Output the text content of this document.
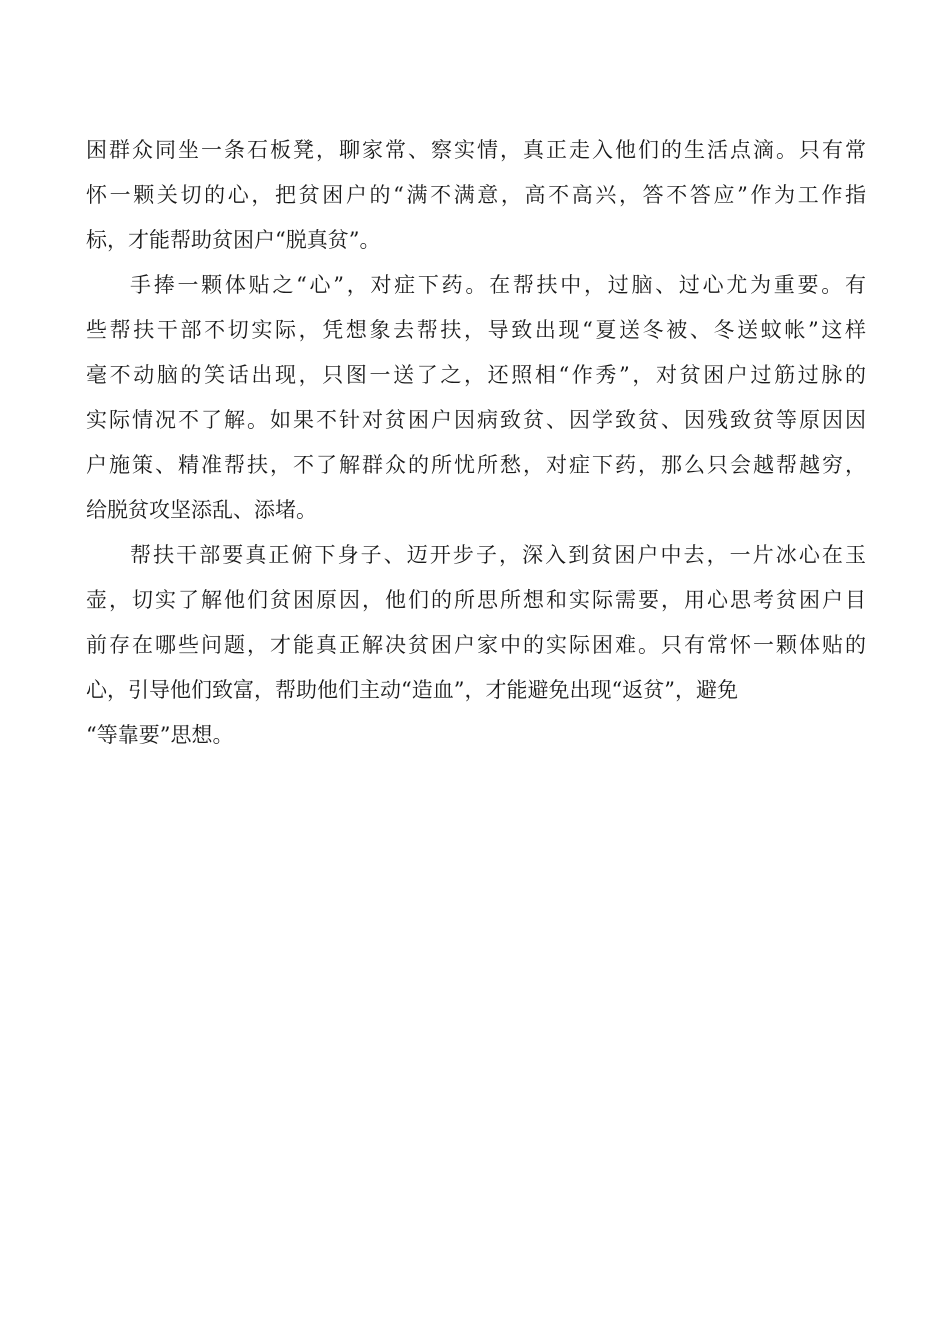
困群众同坐一条石板凳，聊家常、察实情，真正走入他们的生活点滴。只有常
怀一颗关切的心，把贫困户的“满不满意，高不高兴，答不答应”作为工作指
标，才能帮助贫困户“脱真贫”。
手捧一颗体贴之“心”，对症下药。在帮扶中，过脑、过心尤为重要。有
些帮扶干部不切实际，凭想象去帮扶，导致出现“夏送冬被、冬送蚊帐”这样
毫不动脑的笑话出现，只图一送了之，还照相“作秀”，对贫困户过筋过脉的
实际情况不了解。如果不针对贫困户因病致贫、因学致贫、因残致贫等原因因
户施策、精准帮扶，不了解群众的所忧所愁，对症下药，那么只会越帮越穷，
给脱贫攻坚添乱、添堵。
帮扶干部要真正俯下身子、迈开步子，深入到贫困户中去，一片冰心在玉
壶，切实了解他们贫困原因，他们的所思所想和实际需要，用心思考贫困户目
前存在哪些问题，才能真正解决贫困户家中的实际困难。只有常怀一颗体贴的
心，引导他们致富，帮助他们主动“造血”，才能避免出现“返贫”，避免
“等靠要”思想。
